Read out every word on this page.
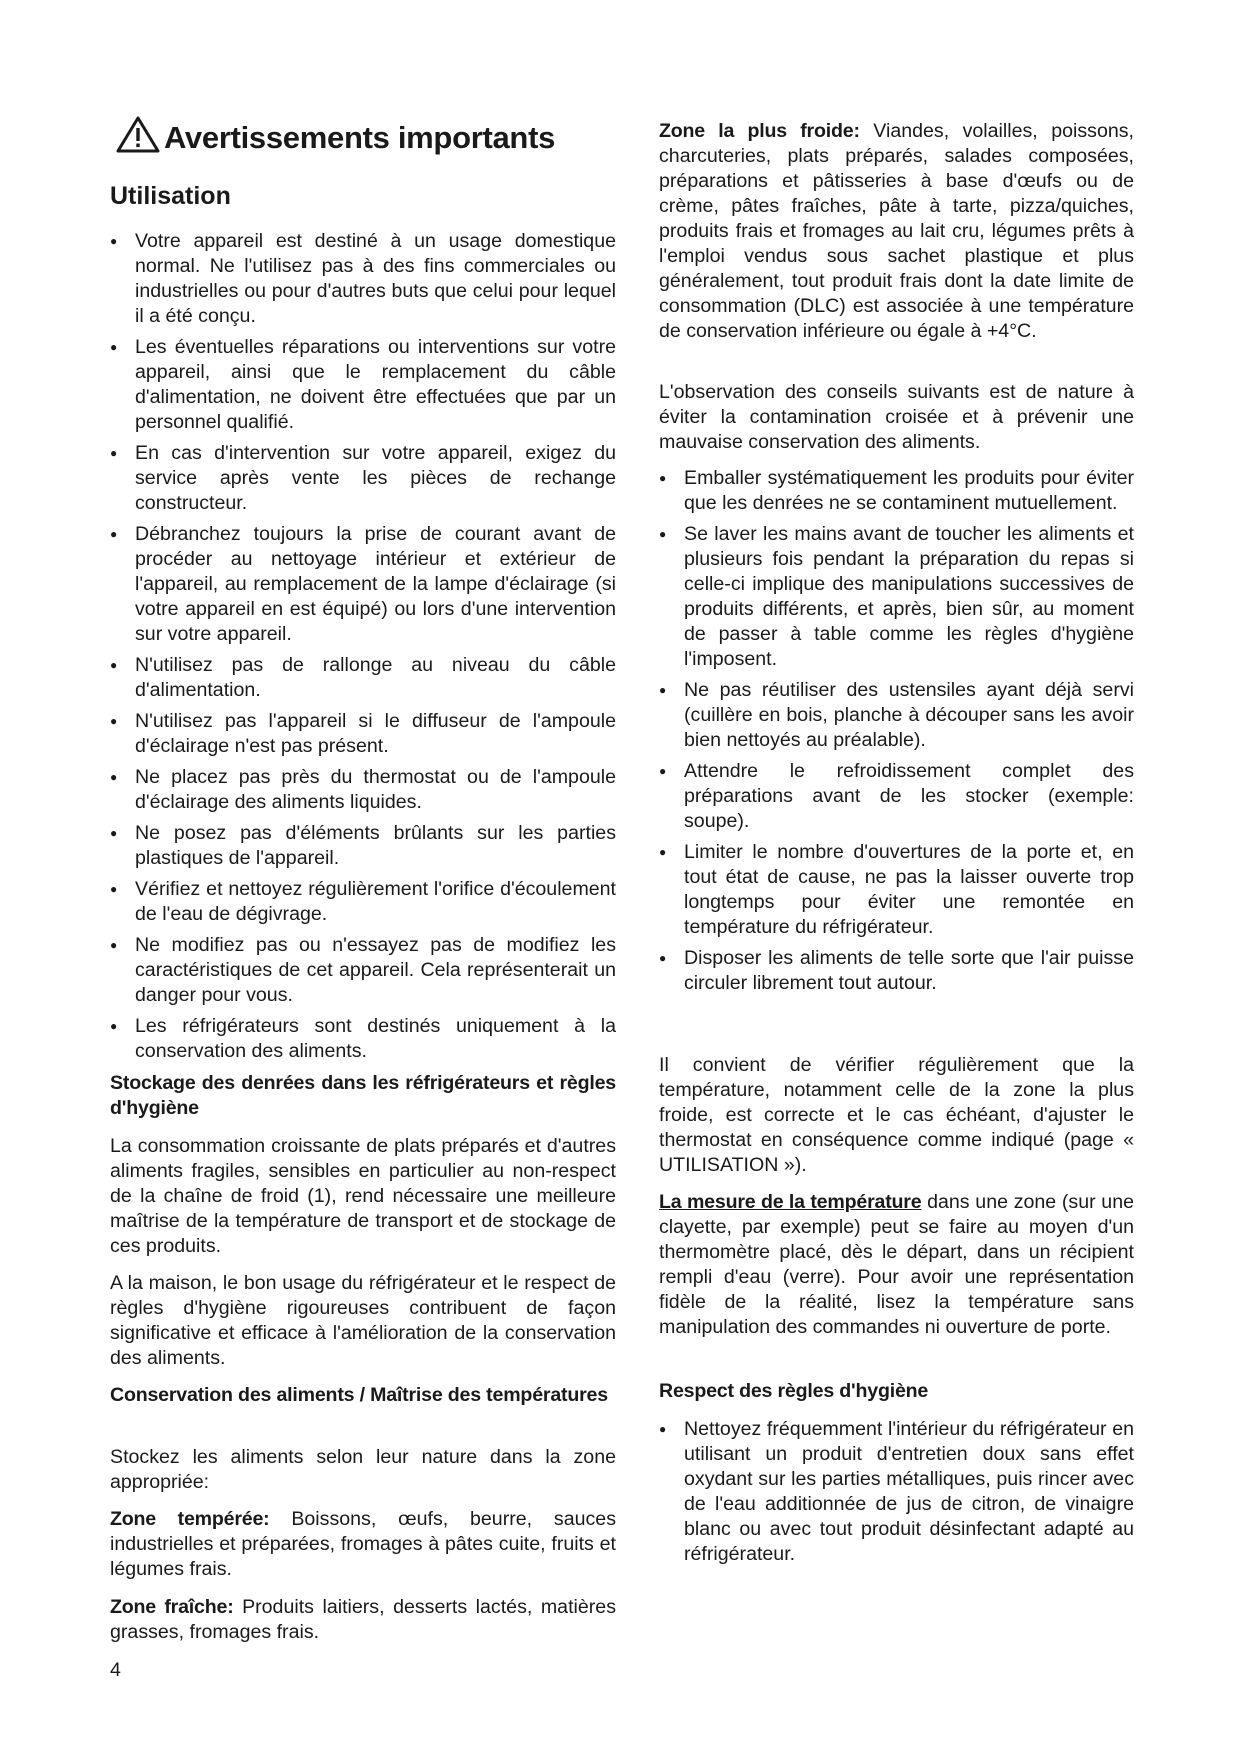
Avertissements importants
Utilisation
● Votre appareil est destiné à un usage domestique normal. Ne l'utilisez pas à des fins commerciales ou industrielles ou pour d'autres buts que celui pour lequel il a été conçu.
● Les éventuelles réparations ou interventions sur votre appareil, ainsi que le remplacement du câble d'alimentation, ne doivent être effectuées que par un personnel qualifié.
● En cas d'intervention sur votre appareil, exigez du service après vente les pièces de rechange constructeur.
● Débranchez toujours la prise de courant avant de procéder au nettoyage intérieur et extérieur de l'appareil, au remplacement de la lampe d'éclairage (si votre appareil en est équipé) ou lors d'une intervention sur votre appareil.
● N'utilisez pas de rallonge au niveau du câble d'alimentation.
● N'utilisez pas l'appareil si le diffuseur de l'ampoule d'éclairage n'est pas présent.
● Ne placez pas près du thermostat ou de l'ampoule d'éclairage des aliments liquides.
● Ne posez pas d'éléments brûlants sur les parties plastiques de l'appareil.
● Vérifiez et nettoyez régulièrement l'orifice d'écoulement de l'eau de dégivrage.
● Ne modifiez pas ou n'essayez pas de modifiez les caractéristiques de cet appareil. Cela représenterait un danger pour vous.
● Les réfrigérateurs sont destinés uniquement à la conservation des aliments.

Stockage des denrées dans les réfrigérateurs et règles d'hygiène

La consommation croissante de plats préparés et d'autres aliments fragiles, sensibles en particulier au non-respect de la chaîne de froid (1), rend nécessaire une meilleure maîtrise de la température de transport et de stockage de ces produits.

A la maison, le bon usage du réfrigérateur et le respect de règles d'hygiène rigoureuses contribuent de façon significative et efficace à l'amélioration de la conservation des aliments.

Conservation des aliments / Maîtrise des températures

Stockez les aliments selon leur nature dans la zone appropriée:

Zone tempérée: Boissons, œufs, beurre, sauces industrielles et préparées, fromages à pâtes cuite, fruits et légumes frais.

Zone fraîche: Produits laitiers, desserts lactés, matières grasses, fromages frais.

Zone la plus froide: Viandes, volailles, poissons, charcuteries, plats préparés, salades composées, préparations et pâtisseries à base d'œufs ou de crème, pâtes fraîches, pâte à tarte, pizza/quiches, produits frais et fromages au lait cru, légumes prêts à l'emploi vendus sous sachet plastique et plus généralement, tout produit frais dont la date limite de consommation (DLC) est associée à une température de conservation inférieure ou égale à +4°C.

L'observation des conseils suivants est de nature à éviter la contamination croisée et à prévenir une mauvaise conservation des aliments.

● Emballer systématiquement les produits pour éviter que les denrées ne se contaminent mutuellement.
● Se laver les mains avant de toucher les aliments et plusieurs fois pendant la préparation du repas si celle-ci implique des manipulations successives de produits différents, et après, bien sûr, au moment de passer à table comme les règles d'hygiène l'imposent.
● Ne pas réutiliser des ustensiles ayant déjà servi (cuillère en bois, planche à découper sans les avoir bien nettoyés au préalable).
● Attendre le refroidissement complet des préparations avant de les stocker (exemple: soupe).
● Limiter le nombre d'ouvertures de la porte et, en tout état de cause, ne pas la laisser ouverte trop longtemps pour éviter une remontée en température du réfrigérateur.
● Disposer les aliments de telle sorte que l'air puisse circuler librement tout autour.

Il convient de vérifier régulièrement que la température, notamment celle de la zone la plus froide, est correcte et le cas échéant, d'ajuster le thermostat en conséquence comme indiqué (page « UTILISATION »).

La mesure de la température dans une zone (sur une clayette, par exemple) peut se faire au moyen d'un thermomètre placé, dès le départ, dans un récipient rempli d'eau (verre). Pour avoir une représentation fidèle de la réalité, lisez la température sans manipulation des commandes ni ouverture de porte.

Respect des règles d'hygiène

● Nettoyez fréquemment l'intérieur du réfrigérateur en utilisant un produit d'entretien doux sans effet oxydant sur les parties métalliques, puis rincer avec de l'eau additionnée de jus de citron, de vinaigre blanc ou avec tout produit désinfectant adapté au réfrigérateur.
4
